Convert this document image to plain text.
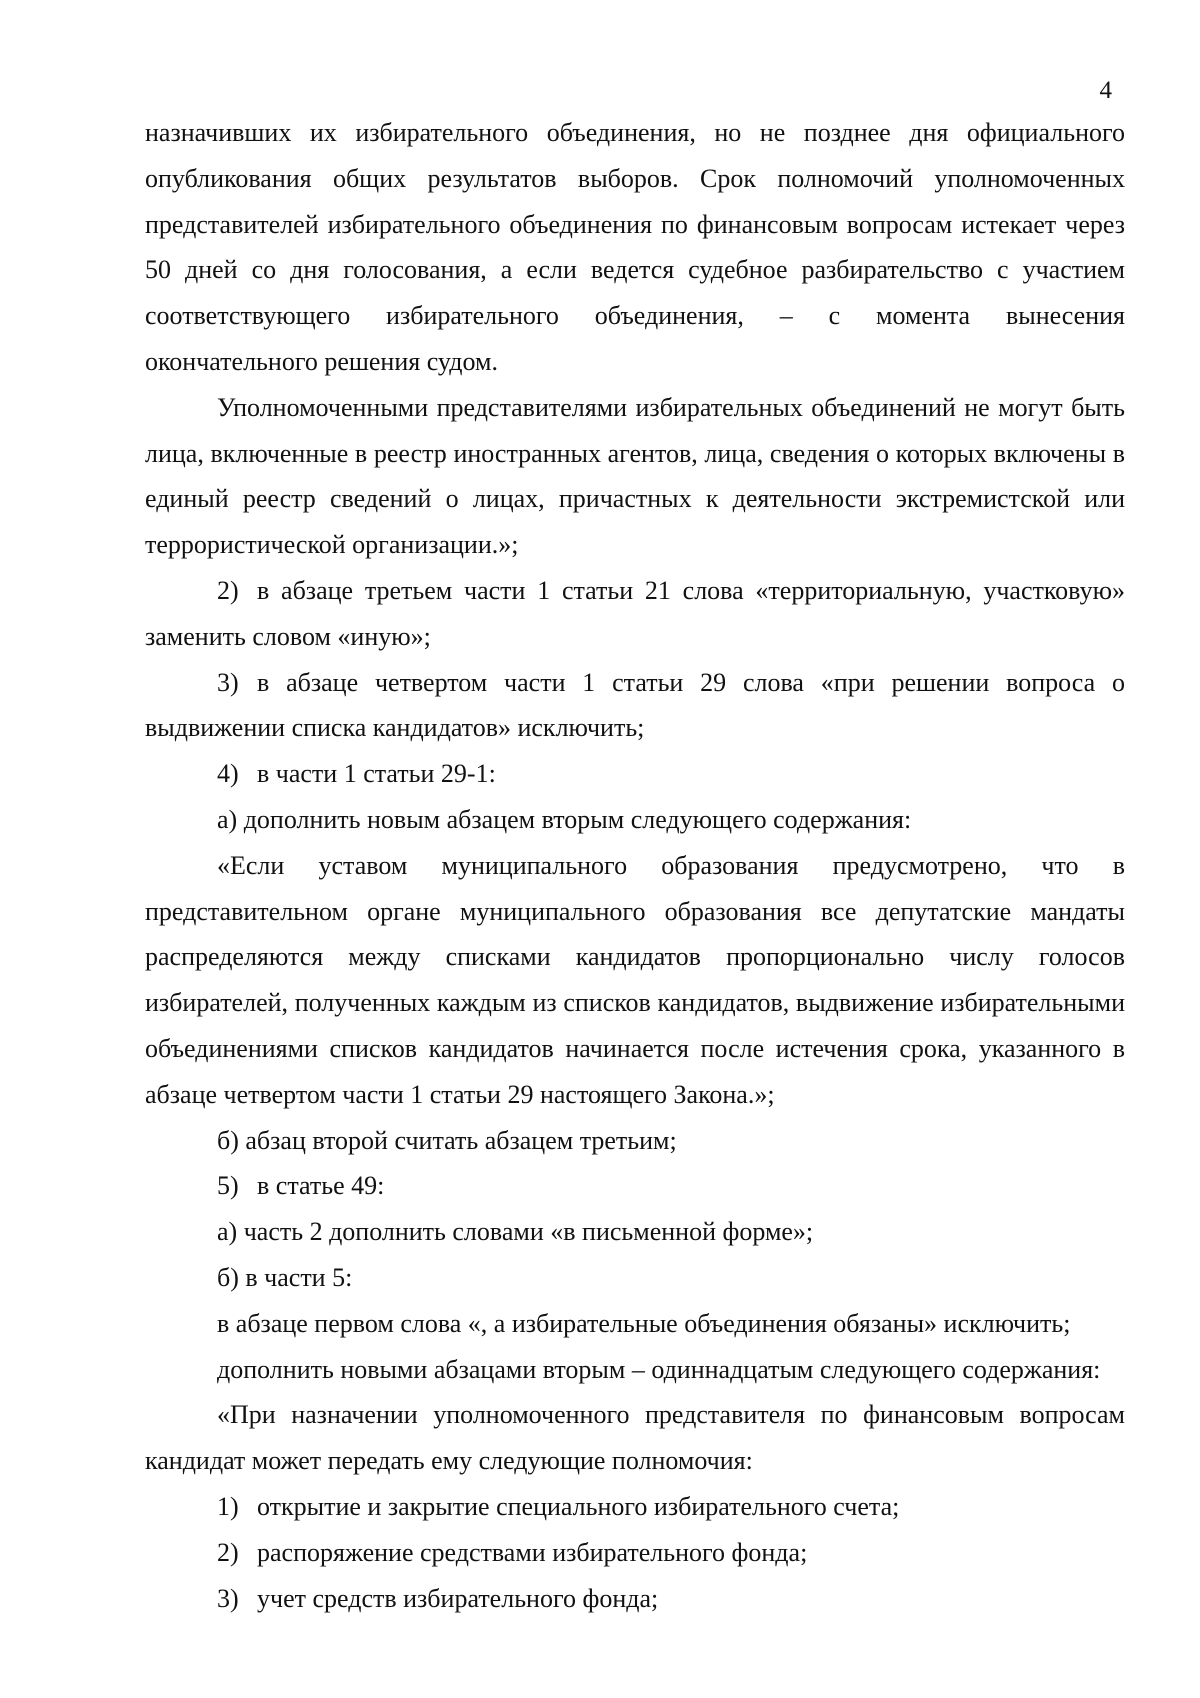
4

назначивших их избирательного объединения, но не позднее дня официального опубликования общих результатов выборов. Срок полномочий уполномоченных представителей избирательного объединения по финансовым вопросам истекает через 50 дней со дня голосования, а если ведется судебное разбирательство с участием соответствующего избирательного объединения, – с момента вынесения окончательного решения судом.

Уполномоченными представителями избирательных объединений не могут быть лица, включенные в реестр иностранных агентов, лица, сведения о которых включены в единый реестр сведений о лицах, причастных к деятельности экстремистской или террористической организации.»;

2) в абзаце третьем части 1 статьи 21 слова «территориальную, участковую» заменить словом «иную»;

3) в абзаце четвертом части 1 статьи 29 слова «при решении вопроса о выдвижении списка кандидатов» исключить;

4) в части 1 статьи 29-1:

а) дополнить новым абзацем вторым следующего содержания:

«Если уставом муниципального образования предусмотрено, что в представительном органе муниципального образования все депутатские мандаты распределяются между списками кандидатов пропорционально числу голосов избирателей, полученных каждым из списков кандидатов, выдвижение избирательными объединениями списков кандидатов начинается после истечения срока, указанного в абзаце четвертом части 1 статьи 29 настоящего Закона.»;

б) абзац второй считать абзацем третьим;

5) в статье 49:

а) часть 2 дополнить словами «в письменной форме»;

б) в части 5:

в абзаце первом слова «, а избирательные объединения обязаны» исключить;

дополнить новыми абзацами вторым – одиннадцатым следующего содержания:

«При назначении уполномоченного представителя по финансовым вопросам кандидат может передать ему следующие полномочия:

1) открытие и закрытие специального избирательного счета;

2) распоряжение средствами избирательного фонда;

3) учет средств избирательного фонда;
